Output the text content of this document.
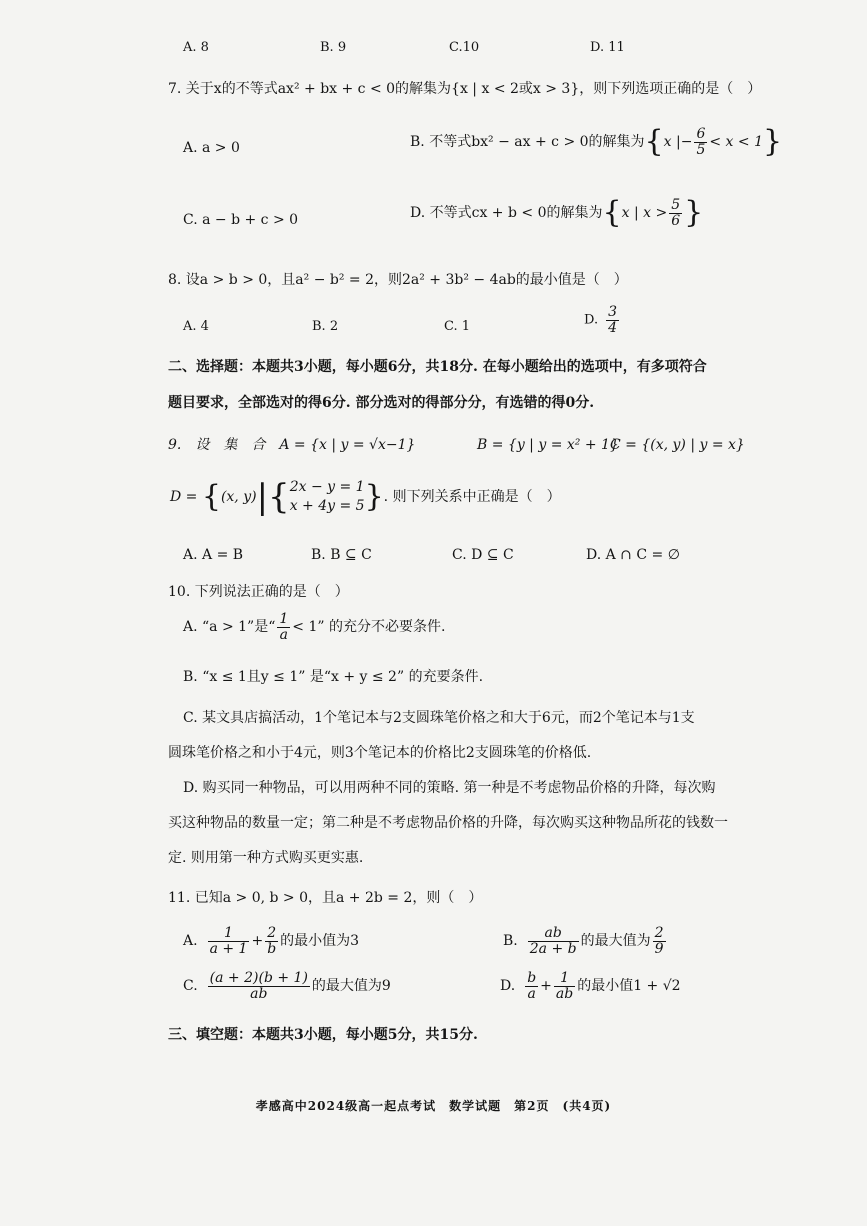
A. 8	B. 9	C.10	D. 11
7. 关于x的不等式ax² + bx + c < 0的解集为{x | x < 2或x > 3}，则下列选项正确的是（　）
A. a > 0	B. 不等式bx² − ax + c > 0的解集为{x |− $\frac{6}{5} < x < 1$}
C. a − b + c > 0	D. 不等式cx + b < 0的解集为{x | $x > \frac{5}{6}$ }
8. 设a > b > 0，且a² − b² = 2，则2a² + 3b² − 4ab的最小值是（　）
A. 4	B. 2	C. 1	D. $\frac{3}{4}$
二、选择题：本题共3小题，每小题6分，共18分. 在每小题给出的选项中，有多项符合
题目要求，全部选对的得6分. 部分选对的得部分分，有选错的得0分.
9.　设　集　合　A = {x | y = √x−1}	B = {y | y = x² + 1}
C = {(x, y) | y = x}
D = {(x, y)|{ 2x − y = 1
x + 4y = 5 }. 则下列关系中正确是（　）
A. A = B	B. B ⊆ C	C. D ⊆ C	D. A ∩ C = ∅
10. 下列说法正确的是（　）
A. “a > 1”是“ $\frac{1}{a} < 1$” 的充分不必要条件.
B. “x ≤ 1且y ≤ 1” 是“x + y ≤ 2” 的充要条件.
C. 某文具店搞活动，1个笔记本与2支圆珠笔价格之和大于6元，而2个笔记本与1支
圆珠笔价格之和小于4元，则3个笔记本的价格比2支圆珠笔的价格低.
D. 购买同一种物品，可以用两种不同的策略. 第一种是不考虑物品价格的升降，每次购
买这种物品的数量一定；第二种是不考虑物品价格的升降，每次购买这种物品所花的钱数一
定. 则用第一种方式购买更实惠.
11. 已知a > 0, b > 0，且a + 2b = 2，则（　）
A. $\frac{1}{a + 1} + \frac{2}{b}$ 的最小值为3	B. $\frac{ab}{2a + b}$ 的最大值为 $\frac{2}{9}$
C. $\frac{(a + 2)(b + 1)}{ab}$ 的最大值为9	D. $\frac{b}{a} + \frac{1}{ab}$ 的最小值1 + √2
三、填空题：本题共3小题，每小题5分，共15分.
孝感高中2024级高一起点考试　数学试题　第2页　(共4页)
